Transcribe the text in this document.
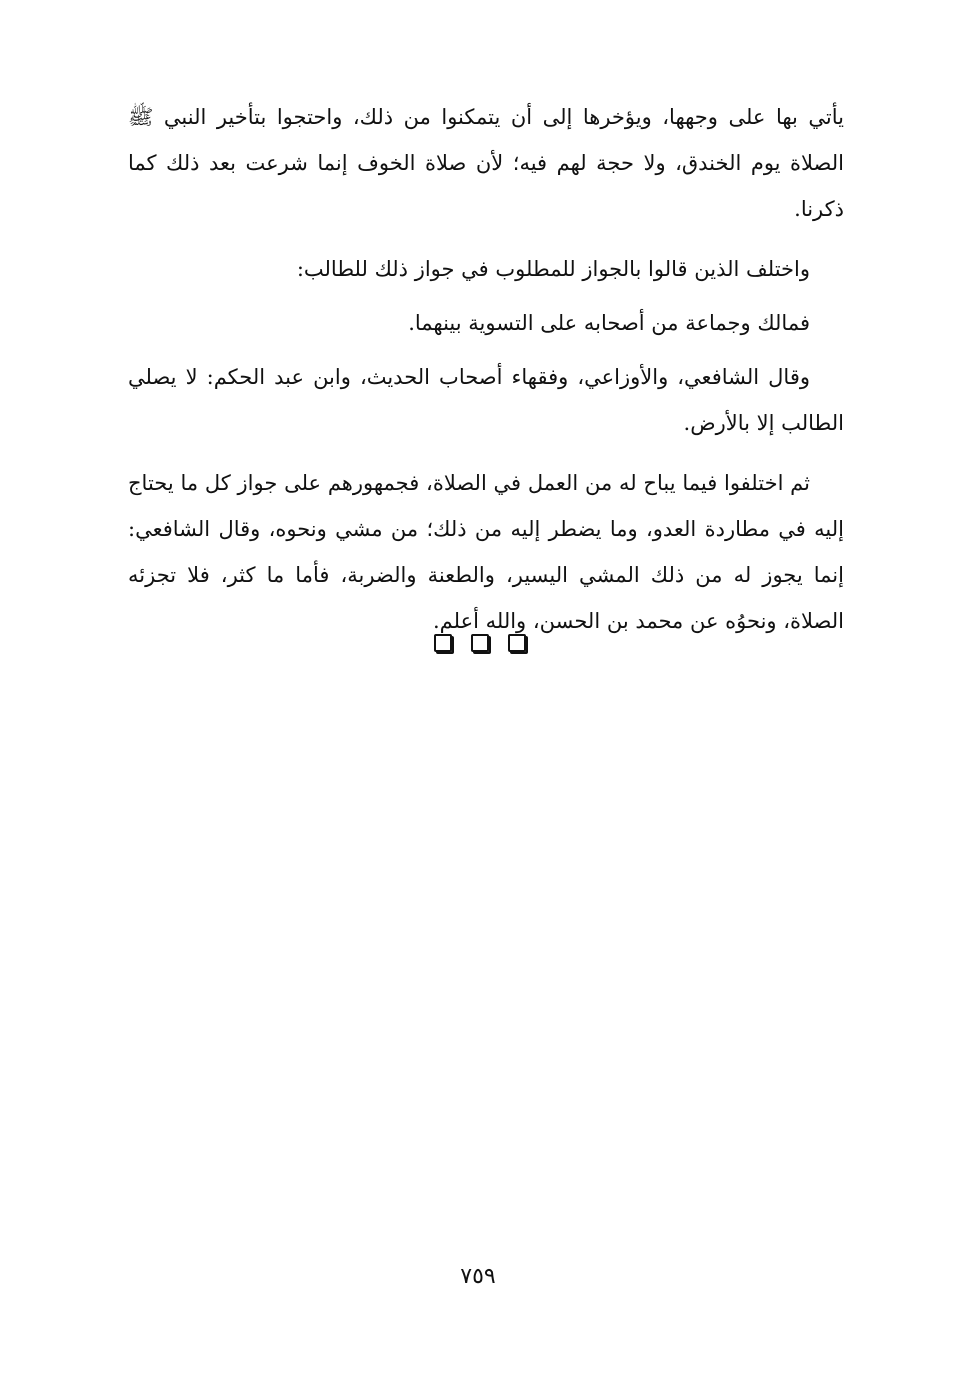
يأتي بها على وجهها، ويؤخرها إلى أن يتمكنوا من ذلك، واحتجوا بتأخير النبي ﷺ الصلاة يوم الخندق، ولا حجة لهم فيه؛ لأن صلاة الخوف إنما شرعت بعد ذلك كما ذكرنا.

واختلف الذين قالوا بالجواز للمطلوب في جواز ذلك للطالب:

فمالك وجماعة من أصحابه على التسوية بينهما.

وقال الشافعي، والأوزاعي، وفقهاء أصحاب الحديث، وابن عبد الحكم: لا يصلي الطالب إلا بالأرض.

ثم اختلفوا فيما يباح له من العمل في الصلاة، فجمهورهم على جواز كل ما يحتاج إليه في مطاردة العدو، وما يضطر إليه من ذلك؛ من مشي ونحوه، وقال الشافعي: إنما يجوز له من ذلك المشي اليسير، والطعنة والضربة، فأما ما كثر، فلا تجزئه الصلاة، ونحوُه عن محمد بن الحسن، والله أعلم.

٧٥٩
